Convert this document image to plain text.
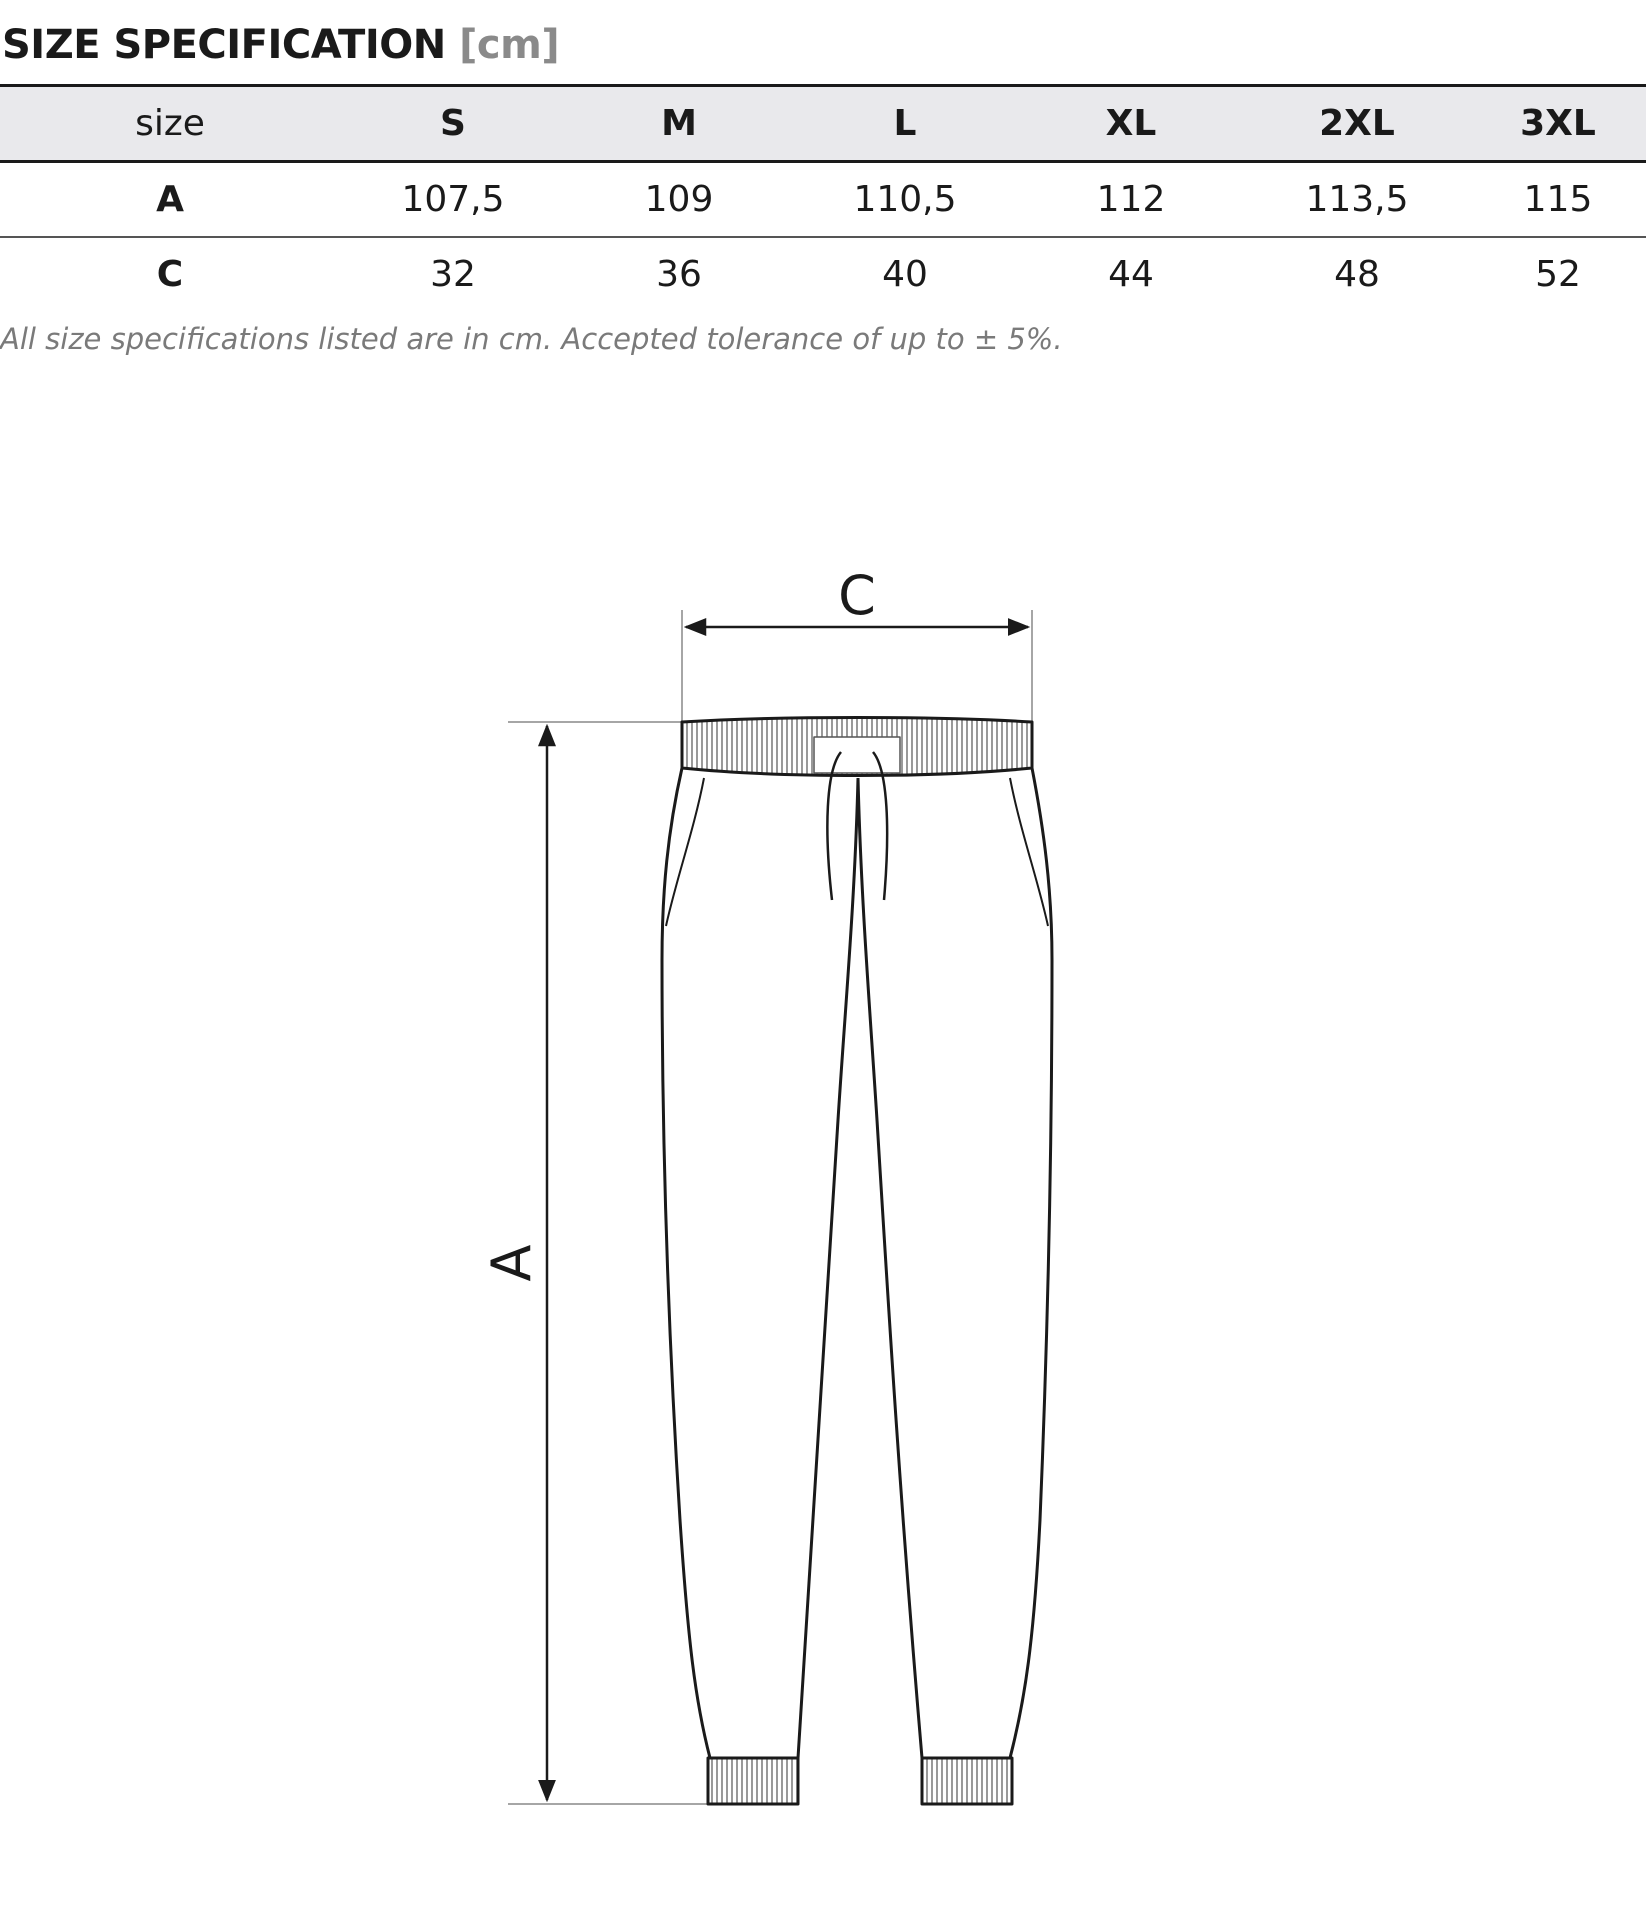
SIZE SPECIFICATION [cm]
size	S	M	L	XL	2XL	3XL
A	107,5	109	110,5	112	113,5	115
C	32	36	40	44	48	52
All size specifications listed are in cm. Accepted tolerance of up to ± 5%.
C
A
